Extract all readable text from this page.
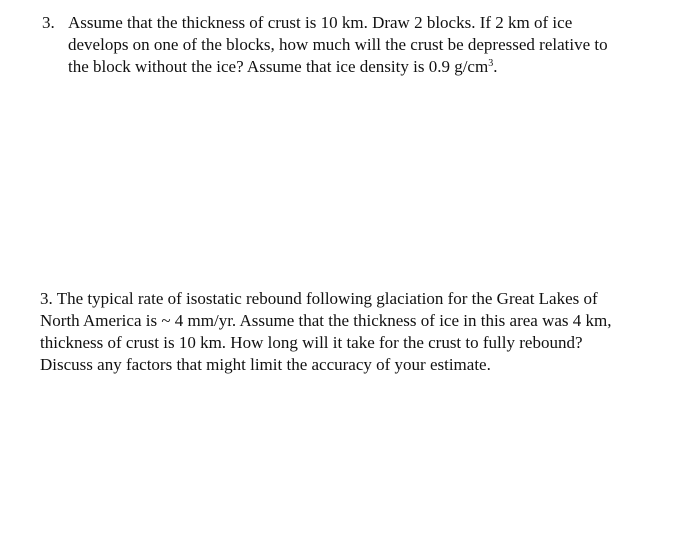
3. Assume that the thickness of crust is 10 km. Draw 2 blocks. If 2 km of ice
develops on one of the blocks, how much will the crust be depressed relative to
the block without the ice? Assume that ice density is 0.9 $g/cm^3$.
3. The typical rate of isostatic rebound following glaciation for the Great Lakes of
North America is ~ 4 mm/yr. Assume that the thickness of ice in this area was 4 km,
thickness of crust is 10 km. How long will it take for the crust to fully rebound?
Discuss any factors that might limit the accuracy of your estimate.
